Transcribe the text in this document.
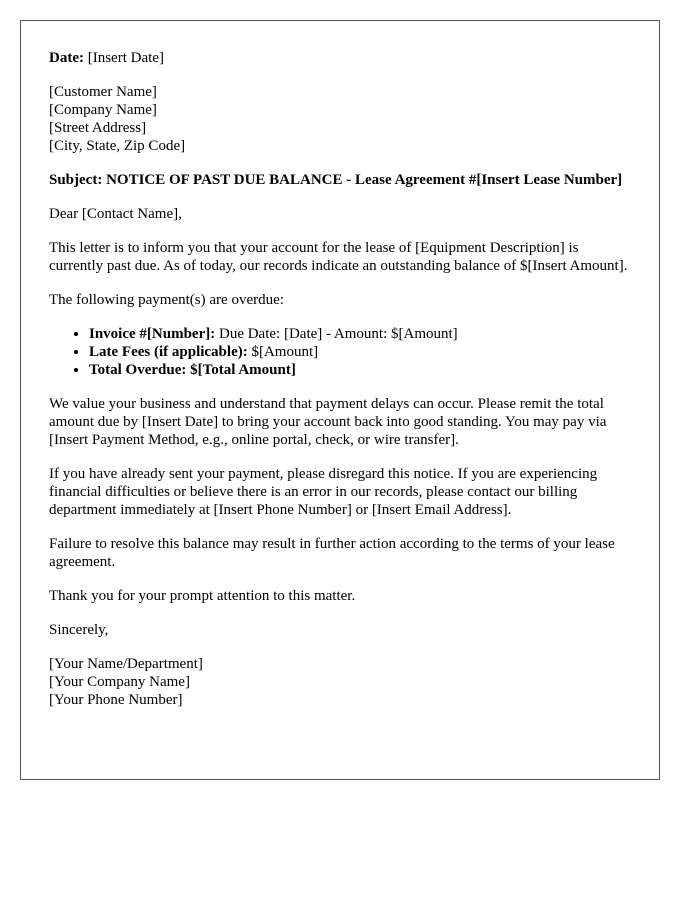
Date: [Insert Date]

[Customer Name]
[Company Name]
[Street Address]
[City, State, Zip Code]

Subject: NOTICE OF PAST DUE BALANCE - Lease Agreement #[Insert Lease Number]

Dear [Contact Name],

This letter is to inform you that your account for the lease of [Equipment Description] is currently past due. As of today, our records indicate an outstanding balance of $[Insert Amount].

The following payment(s) are overdue:

• Invoice #[Number]: Due Date: [Date] - Amount: $[Amount]
• Late Fees (if applicable): $[Amount]
• Total Overdue: $[Total Amount]

We value your business and understand that payment delays can occur. Please remit the total amount due by [Insert Date] to bring your account back into good standing. You may pay via [Insert Payment Method, e.g., online portal, check, or wire transfer].

If you have already sent your payment, please disregard this notice. If you are experiencing financial difficulties or believe there is an error in our records, please contact our billing department immediately at [Insert Phone Number] or [Insert Email Address].

Failure to resolve this balance may result in further action according to the terms of your lease agreement.

Thank you for your prompt attention to this matter.

Sincerely,

[Your Name/Department]
[Your Company Name]
[Your Phone Number]
